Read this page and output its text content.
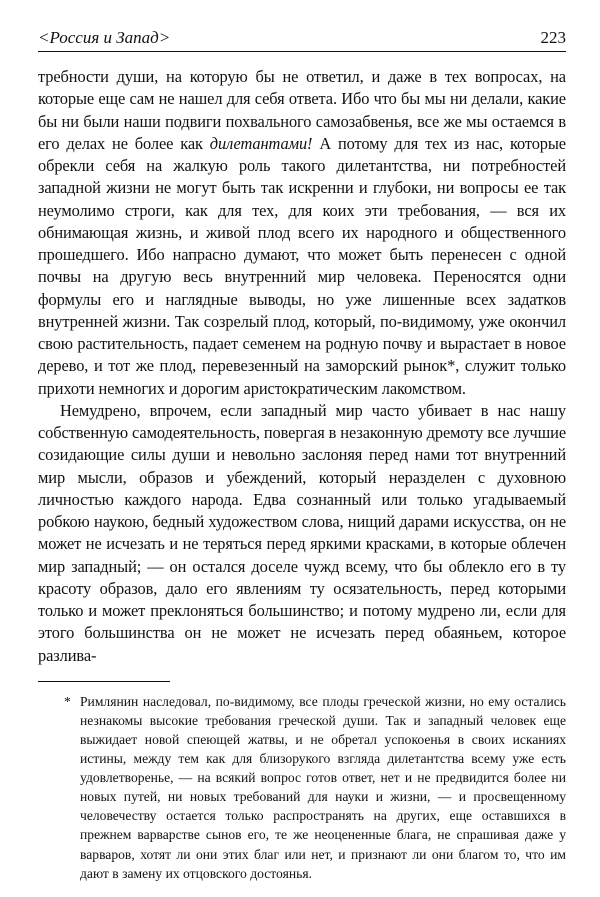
<Россия и Запад>	223

требности души, на которую бы не ответил, и даже в тех вопросах, на которые еще сам не нашел для себя ответа. Ибо что бы мы ни делали, какие бы ни были наши подвиги похвального самозабвенья, все же мы остаемся в его делах не более как дилетантами! А потому для тех из нас, которые обрекли себя на жалкую роль такого дилетантства, ни потребностей западной жизни не могут быть так искренни и глубоки, ни вопросы ее так неумолимо строги, как для тех, для коих эти требования, — вся их обнимающая жизнь, и живой плод всего их народного и общественного прошедшего. Ибо напрасно думают, что может быть перенесен с одной почвы на другую весь внутренний мир человека. Переносятся одни формулы его и наглядные выводы, но уже лишенные всех задатков внутренней жизни. Так созрелый плод, который, по-видимому, уже окончил свою растительность, падает семенем на родную почву и вырастает в новое дерево, и тот же плод, перевезенный на заморский рынок*, служит только прихоти немногих и дорогим аристократическим лакомством.

Немудрено, впрочем, если западный мир часто убивает в нас нашу собственную самодеятельность, повергая в незаконную дремоту все лучшие созидающие силы души и невольно заслоняя перед нами тот внутренний мир мысли, образов и убеждений, который неразделен с духовною личностью каждого народа. Едва сознанный или только угадываемый робкою наукою, бедный художеством слова, нищий дарами искусства, он не может не исчезать и не теряться перед яркими красками, в которые облечен мир западный; — он остался доселе чужд всему, что бы облекло его в ту красоту образов, дало его явлениям ту осязательность, перед которыми только и может преклоняться большинство; и потому мудрено ли, если для этого большинства он не может не исчезать перед обаяньем, которое разлива-

* Римлянин наследовал, по-видимому, все плоды греческой жизни, но ему остались незнакомы высокие требования греческой души. Так и западный человек еще выжидает новой спеющей жатвы, и не обретал успокоенья в своих исканиях истины, между тем как для близорукого взгляда дилетантства всему уже есть удовлетворенье, — на всякий вопрос готов ответ, нет и не предвидится более ни новых путей, ни новых требований для науки и жизни, — и просвещенному человечеству остается только распространять на других, еще оставшихся в прежнем варварстве сынов его, те же неоцененные блага, не спрашивая даже у варваров, хотят ли они этих благ или нет, и признают ли они благом то, что им дают в замену их отцовского достоянья.
